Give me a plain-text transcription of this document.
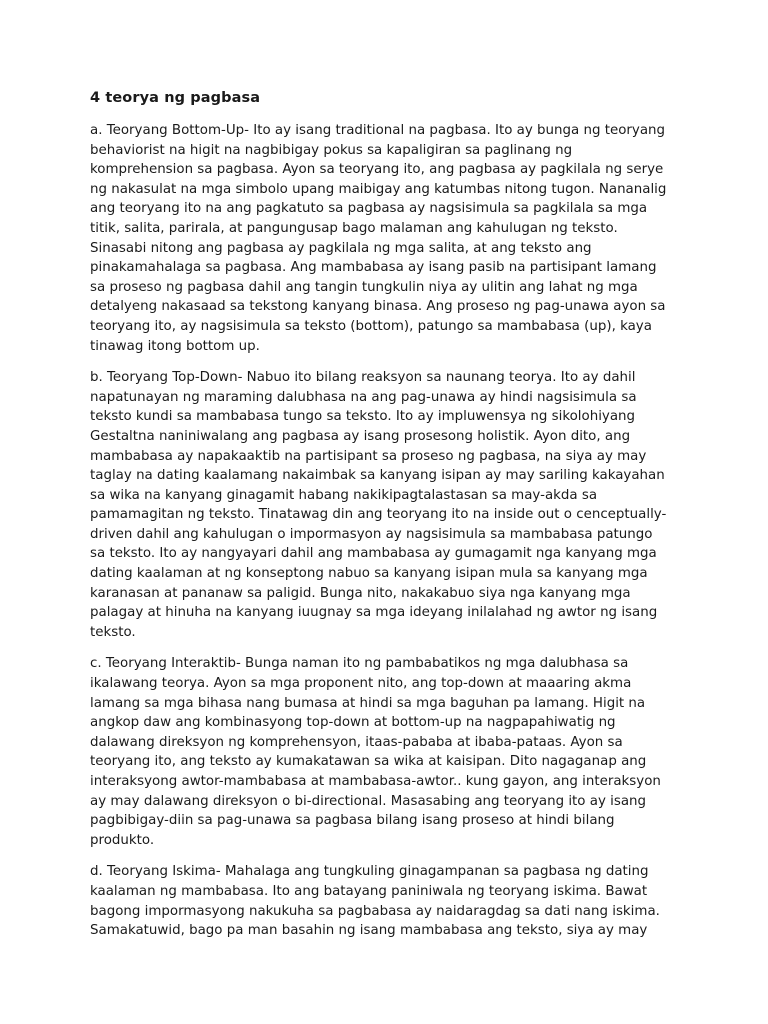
4 teorya ng pagbasa
a. Teoryang Bottom-Up- Ito ay isang traditional na pagbasa. Ito ay bunga ng teoryang
behaviorist na higit na nagbibigay pokus sa kapaligiran sa paglinang ng
komprehension sa pagbasa. Ayon sa teoryang ito, ang pagbasa ay pagkilala ng serye
ng nakasulat na mga simbolo upang maibigay ang katumbas nitong tugon. Nananalig
ang teoryang ito na ang pagkatuto sa pagbasa ay nagsisimula sa pagkilala sa mga
titik, salita, parirala, at pangungusap bago malaman ang kahulugan ng teksto.
Sinasabi nitong ang pagbasa ay pagkilala ng mga salita, at ang teksto ang
pinakamahalaga sa pagbasa. Ang mambabasa ay isang pasib na partisipant lamang
sa proseso ng pagbasa dahil ang tangin tungkulin niya ay ulitin ang lahat ng mga
detalyeng nakasaad sa tekstong kanyang binasa. Ang proseso ng pag-unawa ayon sa
teoryang ito, ay nagsisimula sa teksto (bottom), patungo sa mambabasa (up), kaya
tinawag itong bottom up.
b. Teoryang Top-Down- Nabuo ito bilang reaksyon sa naunang teorya. Ito ay dahil
napatunayan ng maraming dalubhasa na ang pag-unawa ay hindi nagsisimula sa
teksto kundi sa mambabasa tungo sa teksto. Ito ay impluwensya ng sikolohiyang
Gestaltna naniniwalang ang pagbasa ay isang prosesong holistik. Ayon dito, ang
mambabasa ay napakaaktib na partisipant sa proseso ng pagbasa, na siya ay may
taglay na dating kaalamang nakaimbak sa kanyang isipan ay may sariling kakayahan
sa wika na kanyang ginagamit habang nakikipagtalastasan sa may-akda sa
pamamagitan ng teksto. Tinatawag din ang teoryang ito na inside out o cenceptually-
driven dahil ang kahulugan o impormasyon ay nagsisimula sa mambabasa patungo
sa teksto. Ito ay nangyayari dahil ang mambabasa ay gumagamit nga kanyang mga
dating kaalaman at ng konseptong nabuo sa kanyang isipan mula sa kanyang mga
karanasan at pananaw sa paligid. Bunga nito, nakakabuo siya nga kanyang mga
palagay at hinuha na kanyang iuugnay sa mga ideyang inilalahad ng awtor ng isang
teksto.
c. Teoryang Interaktib- Bunga naman ito ng pambabatikos ng mga dalubhasa sa
ikalawang teorya. Ayon sa mga proponent nito, ang top-down at maaaring akma
lamang sa mga bihasa nang bumasa at hindi sa mga baguhan pa lamang. Higit na
angkop daw ang kombinasyong top-down at bottom-up na nagpapahiwatig ng
dalawang direksyon ng komprehensyon, itaas-pababa at ibaba-pataas. Ayon sa
teoryang ito, ang teksto ay kumakatawan sa wika at kaisipan. Dito nagaganap ang
interaksyong awtor-mambabasa at mambabasa-awtor.. kung gayon, ang interaksyon
ay may dalawang direksyon o bi-directional. Masasabing ang teoryang ito ay isang
pagbibigay-diin sa pag-unawa sa pagbasa bilang isang proseso at hindi bilang
produkto.
d. Teoryang Iskima- Mahalaga ang tungkuling ginagampanan sa pagbasa ng dating
kaalaman ng mambabasa. Ito ang batayang paniniwala ng teoryang iskima. Bawat
bagong impormasyong nakukuha sa pagbabasa ay naidaragdag sa dati nang iskima.
Samakatuwid, bago pa man basahin ng isang mambabasa ang teksto, siya ay may
